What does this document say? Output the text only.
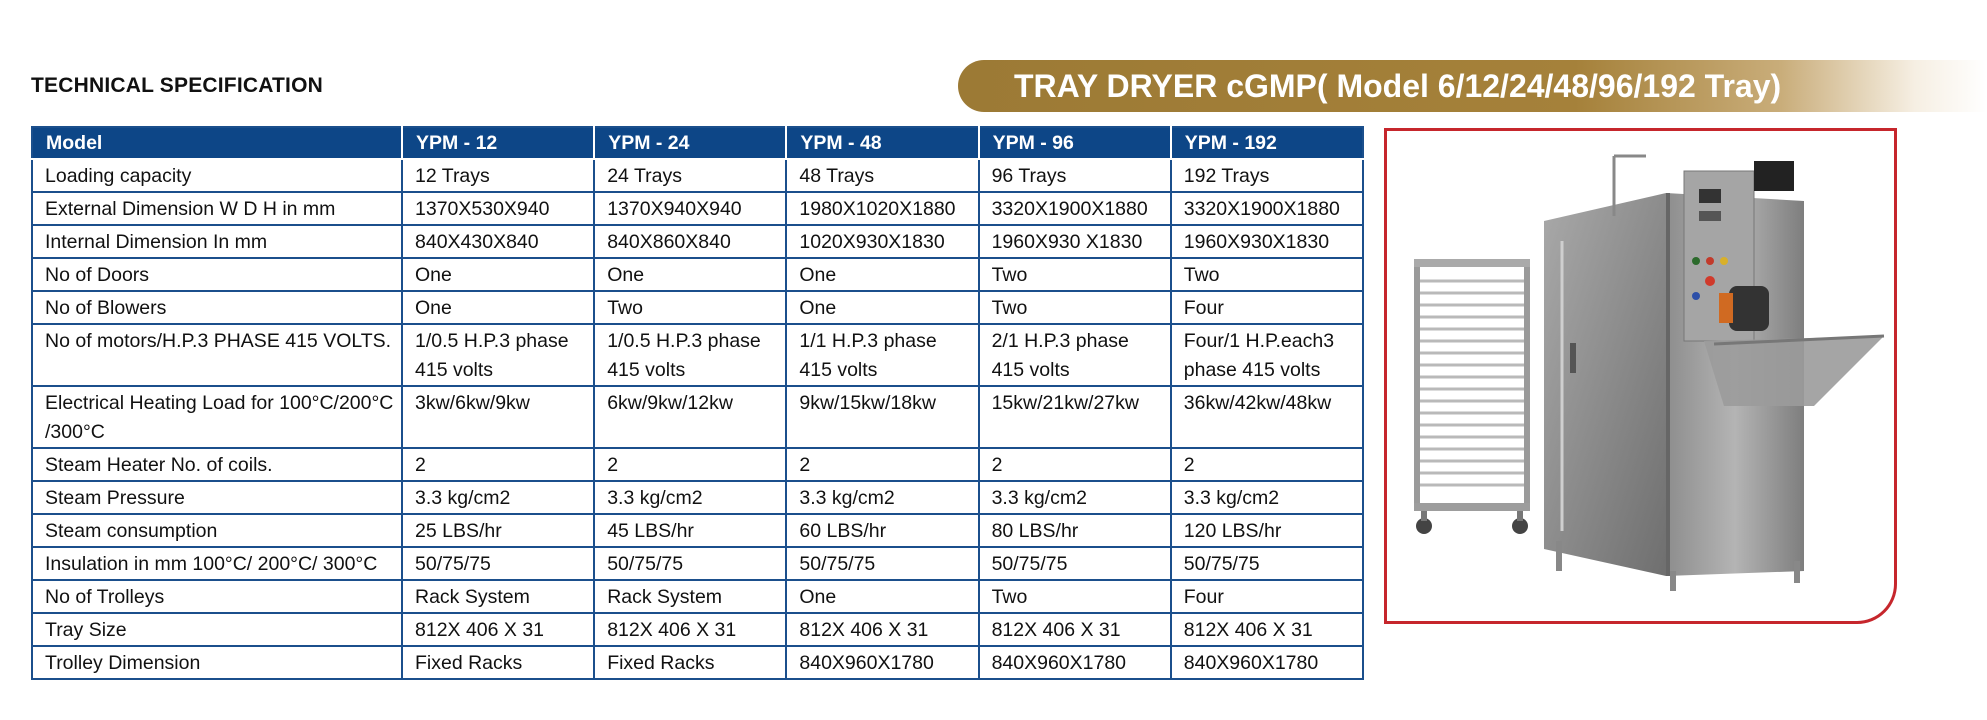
TECHNICAL SPECIFICATION	TRAY DRYER cGMP( Model 6/12/24/48/96/192 Tray)
Model	YPM - 12	YPM - 24	YPM - 48	YPM - 96	YPM - 192
Loading capacity	12 Trays	24 Trays	48 Trays	96 Trays	192 Trays
External Dimension W D H in mm	1370X530X940	1370X940X940	1980X1020X1880	3320X1900X1880	3320X1900X1880
Internal Dimension In mm	840X430X840	840X860X840	1020X930X1830	1960X930 X1830	1960X930X1830
No of Doors	One	One	One	Two	Two
No of Blowers	One	Two	One	Two	Four
No of motors/H.P.3 PHASE 415 VOLTS.	1/0.5 H.P.3 phase 415 volts	1/0.5 H.P.3 phase 415 volts	1/1 H.P.3 phase 415 volts	2/1 H.P.3 phase 415 volts	Four/1 H.P.each3 phase 415 volts
Electrical Heating Load for 100°C/200°C /300°C	3kw/6kw/9kw	6kw/9kw/12kw	9kw/15kw/18kw	15kw/21kw/27kw	36kw/42kw/48kw
Steam Heater No. of coils.	2	2	2	2	2
Steam Pressure	3.3 kg/cm2	3.3 kg/cm2	3.3 kg/cm2	3.3 kg/cm2	3.3 kg/cm2
Steam consumption	25 LBS/hr	45 LBS/hr	60 LBS/hr	80 LBS/hr	120 LBS/hr
Insulation in mm 100°C/ 200°C/ 300°C	50/75/75	50/75/75	50/75/75	50/75/75	50/75/75
No of Trolleys	Rack System	Rack System	One	Two	Four
Tray Size	812X 406 X 31	812X 406 X 31	812X 406 X 31	812X 406 X 31	812X 406 X 31
Trolley Dimension	Fixed Racks	Fixed Racks	840X960X1780	840X960X1780	840X960X1780
